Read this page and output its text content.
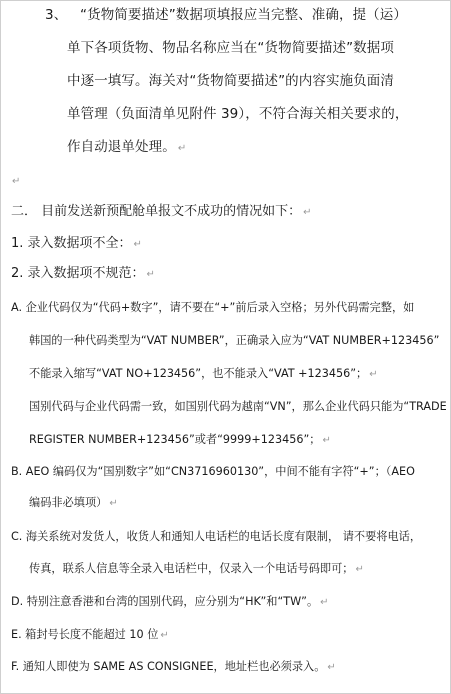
3、 “货物简要描述”数据项填报应当完整、准确，提（运）
单下各项货物、物品名称应当在“货物简要描述”数据项
中逐一填写。海关对“货物简要描述”的内容实施负面清
单管理（负面清单见附件 39），不符合海关相关要求的，
作自动退单处理。 ↵
↵
二． 目前发送新预配舱单报文不成功的情况如下： ↵
1. 录入数据项不全： ↵
2. 录入数据项不规范： ↵
A. 企业代码仅为“代码+数字”，请不要在“+”前后录入空格；另外代码需完整，如
韩国的一种代码类型为“VAT NUMBER”，正确录入应为“VAT NUMBER+123456”
不能录入缩写“VAT NO+123456”，也不能录入“VAT +123456”； ↵
国别代码与企业代码需一致，如国别代码为越南“VN”，那么企业代码只能为“TRADE
REGISTER NUMBER+123456”或者“9999+123456”； ↵
B. AEO 编码仅为“国别数字”如“CN3716960130”，中间不能有字符“+”；（AEO
编码非必填项） ↵
C. 海关系统对发货人，收货人和通知人电话栏的电话长度有限制， 请不要将电话，
传真，联系人信息等全录入电话栏中，仅录入一个电话号码即可； ↵
D. 特别注意香港和台湾的国别代码，应分别为“HK”和“TW”。 ↵
E. 箱封号长度不能超过 10 位 ↵
F. 通知人即使为 SAME AS CONSIGNEE，地址栏也必须录入。 ↵
